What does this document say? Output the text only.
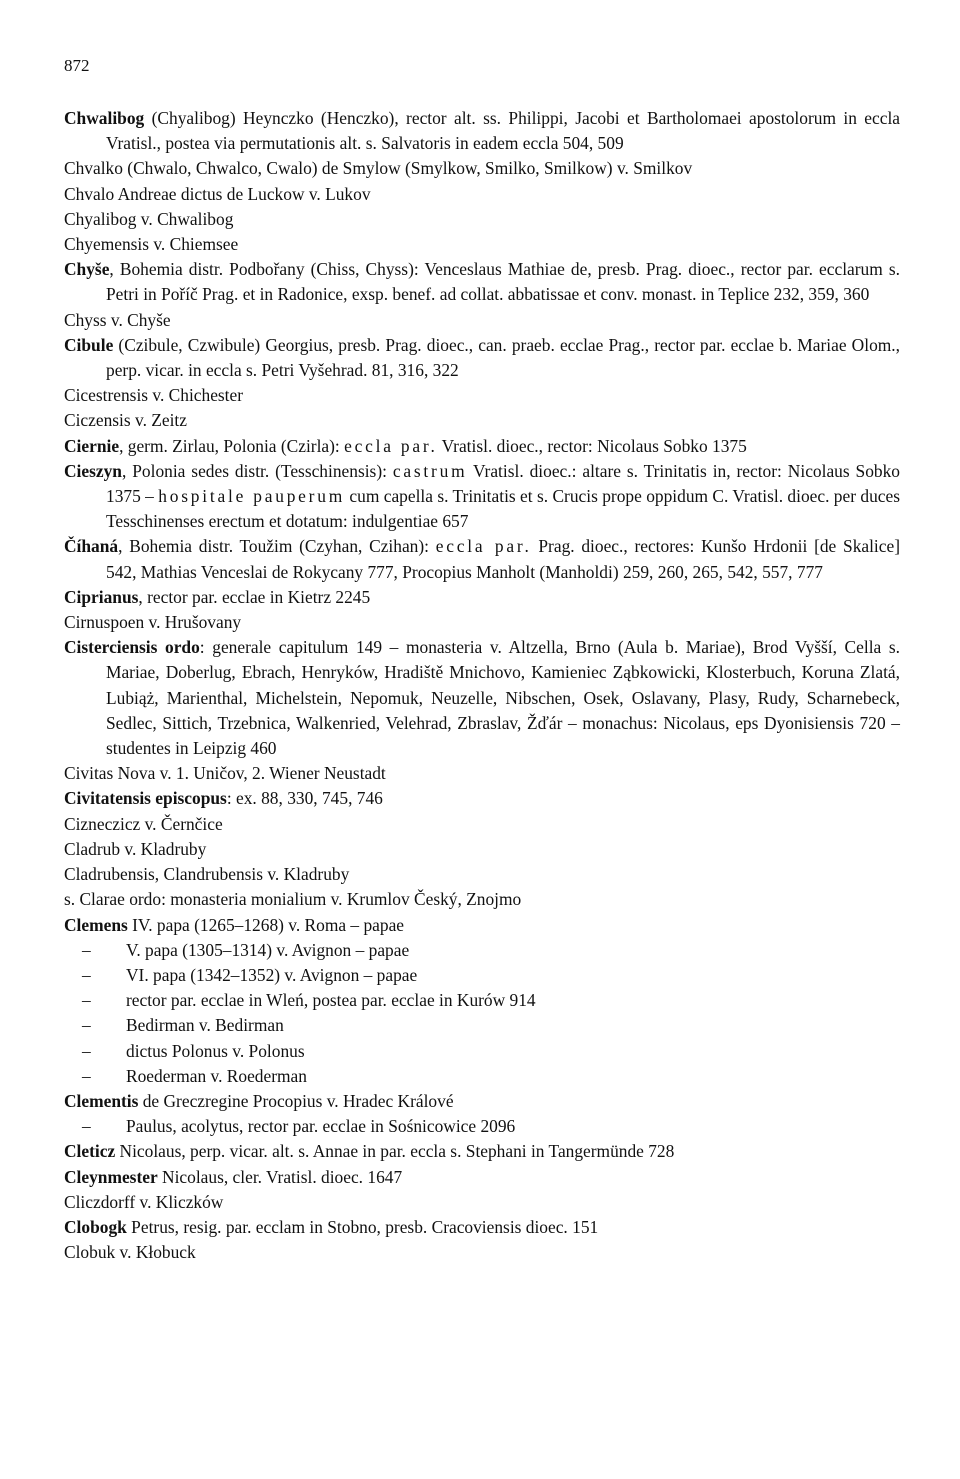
872
Chwalibog (Chyalibog) Heynczko (Henczko), rector alt. ss. Philippi, Jacobi et Bartholomaei apostolorum in eccla Vratisl., postea via permutationis alt. s. Salvatoris in eadem eccla 504, 509
Chvalko (Chwalo, Chwalco, Cwalo) de Smylow (Smylkow, Smilko, Smilkow) v. Smilkov
Chvalo Andreae dictus de Luckow v. Lukov
Chyalibog v. Chwalibog
Chyemensis v. Chiemsee
Chyše, Bohemia distr. Podbořany (Chiss, Chyss): Venceslaus Mathiae de, presb. Prag. dioec., rector par. ecclarum s. Petri in Poříč Prag. et in Radonice, exsp. benef. ad collat. abbatissae et conv. monast. in Teplice 232, 359, 360
Chyss v. Chyše
Cibule (Czibule, Czwibule) Georgius, presb. Prag. dioec., can. praeb. ecclae Prag., rector par. ecclae b. Mariae Olom., perp. vicar. in eccla s. Petri Vyšehrad. 81, 316, 322
Cicestrensis v. Chichester
Ciczensis v. Zeitz
Ciernie, germ. Zirlau, Polonia (Czirla): eccla par. Vratisl. dioec., rector: Nicolaus Sobko 1375
Cieszyn, Polonia sedes distr. (Tesschinensis): castrum Vratisl. dioec.: altare s. Trinitatis in, rector: Nicolaus Sobko 1375 – hospitale pauperum cum capella s. Trinitatis et s. Crucis prope oppidum C. Vratisl. dioec. per duces Tesschinenses erectum et dotatum: indulgentiae 657
Číhaná, Bohemia distr. Toužim (Czyhan, Czihan): eccla par. Prag. dioec., rectores: Kunšo Hrdonii [de Skalice] 542, Mathias Venceslai de Rokycany 777, Procopius Manholt (Manholdi) 259, 260, 265, 542, 557, 777
Ciprianus, rector par. ecclae in Kietrz 2245
Cirnuspoen v. Hrušovany
Cisterciensis ordo: generale capitulum 149 – monasteria v. Altzella, Brno (Aula b. Mariae), Brod Vyšší, Cella s. Mariae, Doberlug, Ebrach, Henryków, Hradiště Mnichovo, Kamieniec Ząbkowicki, Klosterbuch, Koruna Zlatá, Lubiąż, Marienthal, Michelstein, Nepomuk, Neuzelle, Nibschen, Osek, Oslavany, Plasy, Rudy, Scharnebeck, Sedlec, Sittich, Trzebnica, Walkenried, Velehrad, Zbraslav, Žďár – monachus: Nicolaus, eps Dyonisiensis 720 – studentes in Leipzig 460
Civitas Nova v. 1. Uničov, 2. Wiener Neustadt
Civitatensis episcopus: ex. 88, 330, 745, 746
Cizneczicz v. Černčice
Cladrub v. Kladruby
Cladrubensis, Clandrubensis v. Kladruby
s. Clarae ordo: monasteria monialium v. Krumlov Český, Znojmo
Clemens IV. papa (1265–1268) v. Roma – papae
– V. papa (1305–1314) v. Avignon – papae
– VI. papa (1342–1352) v. Avignon – papae
– rector par. ecclae in Wleń, postea par. ecclae in Kurów 914
– Bedirman v. Bedirman
– dictus Polonus v. Polonus
– Roederman v. Roederman
Clementis de Greczregine Procopius v. Hradec Králové
– Paulus, acolytus, rector par. ecclae in Sośnicowice 2096
Cleticz Nicolaus, perp. vicar. alt. s. Annae in par. eccla s. Stephani in Tangermünde 728
Cleynmester Nicolaus, cler. Vratisl. dioec. 1647
Cliczdorff v. Kliczków
Clobogk Petrus, resig. par. ecclam in Stobno, presb. Cracoviensis dioec. 151
Clobuk v. Kłobuck
